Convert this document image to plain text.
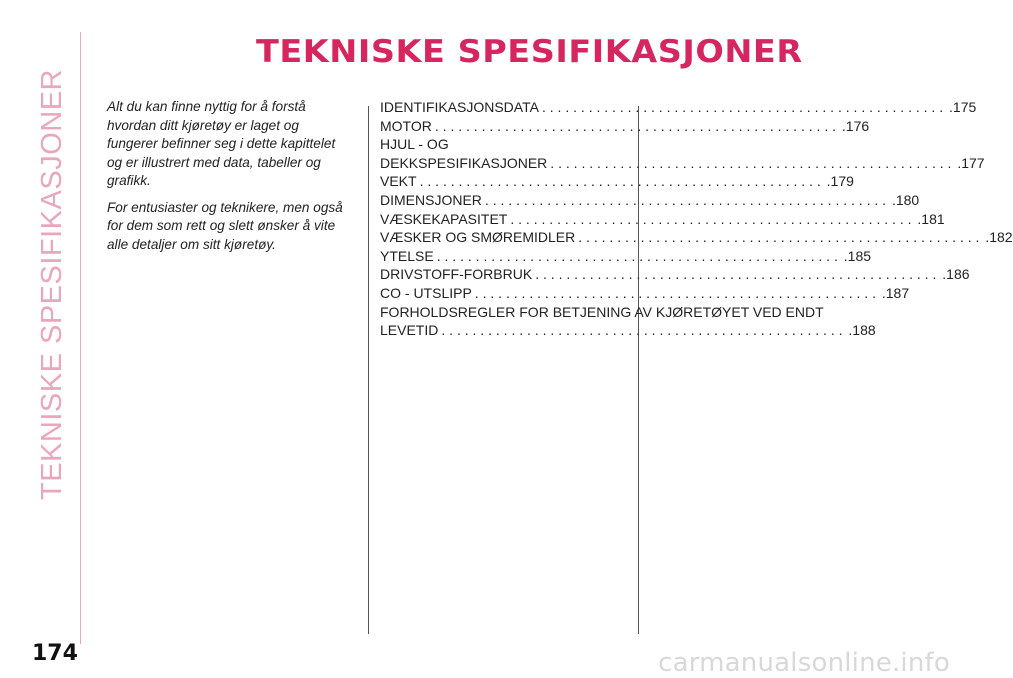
TEKNISKE SPESIFIKASJONER
TEKNISKE SPESIFIKASJONER

Alt du kan finne nyttig for å forstå hvordan ditt kjøretøy er laget og fungerer befinner seg i dette kapittelet og er illustrert med data, tabeller og grafikk.

For entusiaster og teknikere, men også for dem som rett og slett ønsker å vite alle detaljer om sitt kjøretøy.

IDENTIFIKASJONSDATA .................................................... .175
MOTOR .................................................... .176
HJUL - OG
DEKKSPESIFIKASJONER .................................................... .177
VEKT .................................................... .179
DIMENSJONER .................................................... .180
VÆSKEKAPASITET .................................................... .181
VÆSKER OG SMØREMIDLER .................................................... .182
YTELSE .................................................... .185
DRIVSTOFF-FORBRUK .................................................... .186
CO - UTSLIPP .................................................... .187
FORHOLDSREGLER FOR BETJENING AV KJØRETØYET VED ENDT
LEVETID .................................................... .188

174	carmanualsonline.info
